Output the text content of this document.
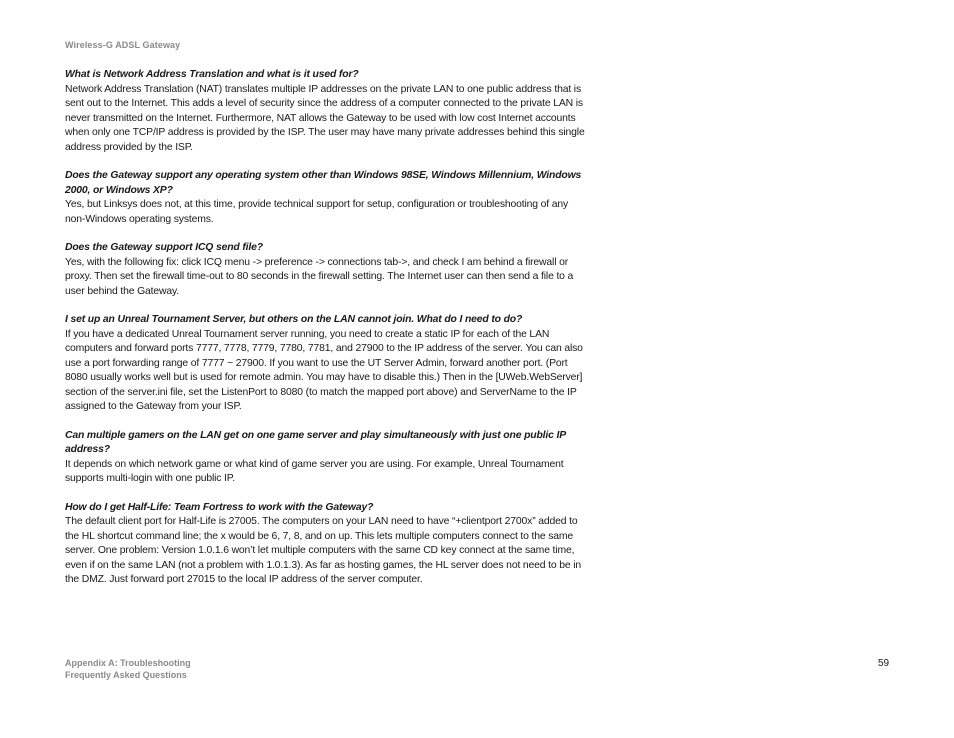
Wireless-G ADSL Gateway

What is Network Address Translation and what is it used for?

Network Address Translation (NAT) translates multiple IP addresses on the private LAN to one public address that is sent out to the Internet. This adds a level of security since the address of a computer connected to the private LAN is never transmitted on the Internet. Furthermore, NAT allows the Gateway to be used with low cost Internet accounts when only one TCP/IP address is provided by the ISP. The user may have many private addresses behind this single address provided by the ISP.

Does the Gateway support any operating system other than Windows 98SE, Windows Millennium, Windows 2000, or Windows XP?

Yes, but Linksys does not, at this time, provide technical support for setup, configuration or troubleshooting of any non-Windows operating systems.

Does the Gateway support ICQ send file?

Yes, with the following fix: click ICQ menu -> preference -> connections tab->, and check I am behind a firewall or proxy. Then set the firewall time-out to 80 seconds in the firewall setting. The Internet user can then send a file to a user behind the Gateway.

I set up an Unreal Tournament Server, but others on the LAN cannot join. What do I need to do?

If you have a dedicated Unreal Tournament server running, you need to create a static IP for each of the LAN computers and forward ports 7777, 7778, 7779, 7780, 7781, and 27900 to the IP address of the server. You can also use a port forwarding range of 7777 ~ 27900. If you want to use the UT Server Admin, forward another port. (Port 8080 usually works well but is used for remote admin. You may have to disable this.) Then in the [UWeb.WebServer] section of the server.ini file, set the ListenPort to 8080 (to match the mapped port above) and ServerName to the IP assigned to the Gateway from your ISP.

Can multiple gamers on the LAN get on one game server and play simultaneously with just one public IP address?

It depends on which network game or what kind of game server you are using. For example, Unreal Tournament supports multi-login with one public IP.

How do I get Half-Life: Team Fortress to work with the Gateway?

The default client port for Half-Life is 27005. The computers on your LAN need to have “+clientport 2700x” added to the HL shortcut command line; the x would be 6, 7, 8, and on up. This lets multiple computers connect to the same server. One problem: Version 1.0.1.6 won’t let multiple computers with the same CD key connect at the same time, even if on the same LAN (not a problem with 1.0.1.3). As far as hosting games, the HL server does not need to be in the DMZ. Just forward port 27015 to the local IP address of the server computer.

Appendix A: Troubleshooting
Frequently Asked Questions
59
